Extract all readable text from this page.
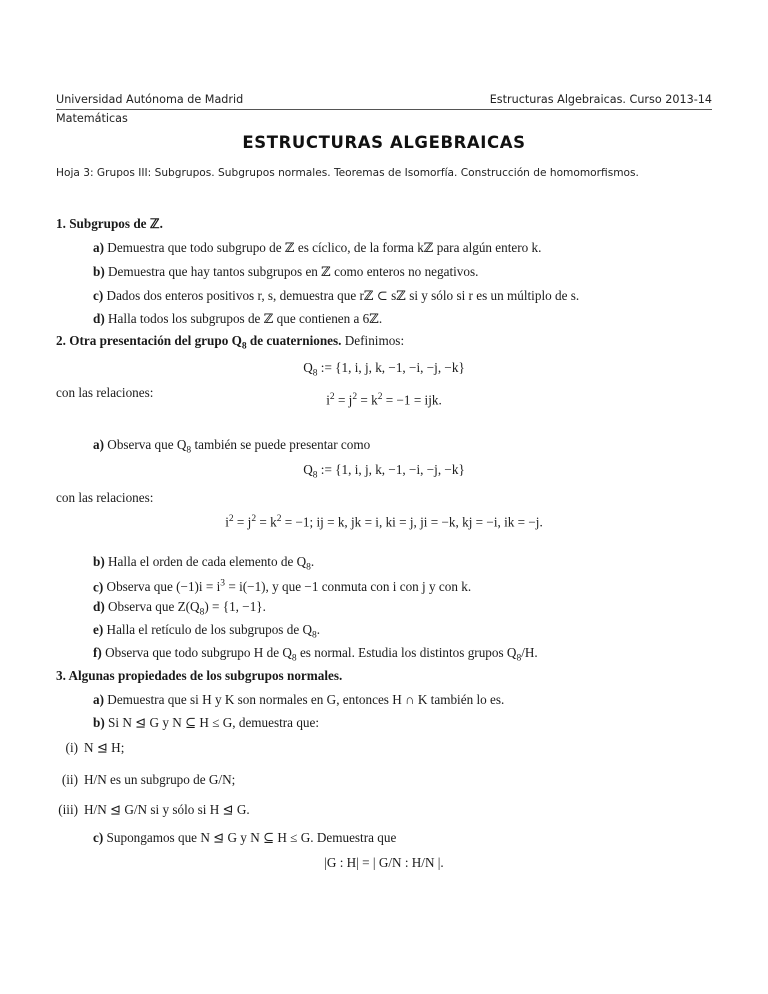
Universidad Autónoma de Madrid	Estructuras Algebraicas. Curso 2013-14
Matemáticas
ESTRUCTURAS ALGEBRAICAS
Hoja 3: Grupos III: Subgrupos. Subgrupos normales. Teoremas de Isomorfía. Construcción de homomorfismos.
1. Subgrupos de ℤ.
a) Demuestra que todo subgrupo de ℤ es cíclico, de la forma kℤ para algún entero k.
b) Demuestra que hay tantos subgrupos en ℤ como enteros no negativos.
c) Dados dos enteros positivos r, s, demuestra que rℤ ⊂ sℤ si y sólo si r es un múltiplo de s.
d) Halla todos los subgrupos de ℤ que contienen a 6ℤ.
2. Otra presentación del grupo $Q_8$ de cuaterniones. Definimos:
$Q_8$ := {1, i, j, k, −1, −i, −j, −k}
con las relaciones:	$i^2 = j^2 = k^2 = -1$ = ijk.
a) Observa que $Q_8$ también se puede presentar como
$Q_8$ := {1, i, j, k, −1, −i, −j, −k}
con las relaciones:
$i^2 = j^2 = k^2 = -1$; ij = k, jk = i, ki = j, ji = −k, kj = −i, ik = −j.
b) Halla el orden de cada elemento de $Q_8$.
c) Observa que $(-1)i = i^3 = i(-1)$, y que −1 conmuta con i con j y con k.
d) Observa que $Z(Q_8) = \{1$, −1}.
e) Halla el retículo de los subgrupos de $Q_8$.
f) Observa que todo subgrupo H de $Q_8$ es normal. Estudia los distintos grupos $Q_8/H$.
3. Algunas propiedades de los subgrupos normales.
a) Demuestra que si H y K son normales en G, entonces H ∩ K también lo es.
b) Si N ⊴ G y N ⊆ H ≤ G, demuestra que:
(i) N ⊴ H;
(ii) H/N es un subgrupo de G/N;
(iii) H/N ⊴ G/N si y sólo si H ⊴ G.
c) Supongamos que N ⊴ G y N ⊆ H ≤ G. Demuestra que
|G : H| = | G/N : H/N |.
